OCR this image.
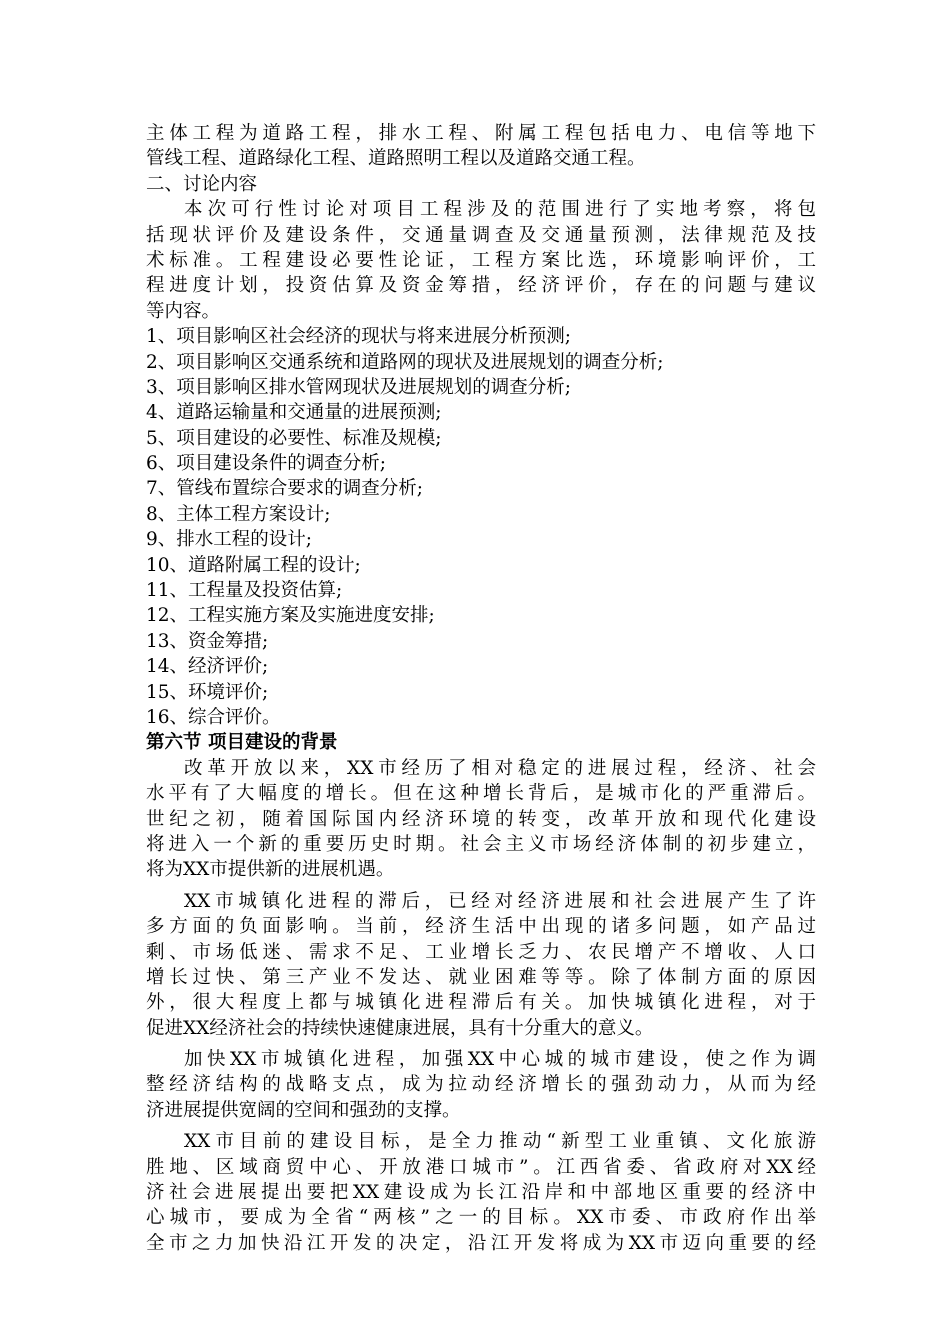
主体工程为道路工程，排水工程、附属工程包括电力、电信等地下
管线工程、道路绿化工程、道路照明工程以及道路交通工程。
二、讨论内容
本次可行性讨论对项目工程涉及的范围进行了实地考察，将包
括现状评价及建设条件，交通量调查及交通量预测，法律规范及技
术标准。工程建设必要性论证，工程方案比选，环境影响评价，工
程进度计划，投资估算及资金筹措，经济评价，存在的问题与建议
等内容。
1、项目影响区社会经济的现状与将来进展分析预测;
2、项目影响区交通系统和道路网的现状及进展规划的调查分析;
3、项目影响区排水管网现状及进展规划的调查分析;
4、道路运输量和交通量的进展预测;
5、项目建设的必要性、标准及规模;
6、项目建设条件的调查分析;
7、管线布置综合要求的调查分析;
8、主体工程方案设计;
9、排水工程的设计;
10、道路附属工程的设计;
11、工程量及投资估算;
12、工程实施方案及实施进度安排;
13、资金筹措;
14、经济评价;
15、环境评价;
16、综合评价。
第六节 项目建设的背景
改革开放以来，XX市经历了相对稳定的进展过程，经济、社会
水平有了大幅度的增长。但在这种增长背后，是城市化的严重滞后。
世纪之初，随着国际国内经济环境的转变，改革开放和现代化建设
将进入一个新的重要历史时期。社会主义市场经济体制的初步建立，
将为XX市提供新的进展机遇。
XX市城镇化进程的滞后，已经对经济进展和社会进展产生了许
多方面的负面影响。当前，经济生活中出现的诸多问题，如产品过
剩、市场低迷、需求不足、工业增长乏力、农民增产不增收、人口
增长过快、第三产业不发达、就业困难等等。除了体制方面的原因
外，很大程度上都与城镇化进程滞后有关。加快城镇化进程，对于
促进XX经济社会的持续快速健康进展，具有十分重大的意义。
加快XX市城镇化进程，加强XX中心城的城市建设，使之作为调
整经济结构的战略支点，成为拉动经济增长的强劲动力，从而为经
济进展提供宽阔的空间和强劲的支撑。
XX市目前的建设目标，是全力推动“新型工业重镇、文化旅游
胜地、区域商贸中心、开放港口城市”。江西省委、省政府对XX经
济社会进展提出要把XX建设成为长江沿岸和中部地区重要的经济中
心城市，要成为全省“两核”之一的目标。XX市委、市政府作出举
全市之力加快沿江开发的决定，沿江开发将成为XX市迈向重要的经
